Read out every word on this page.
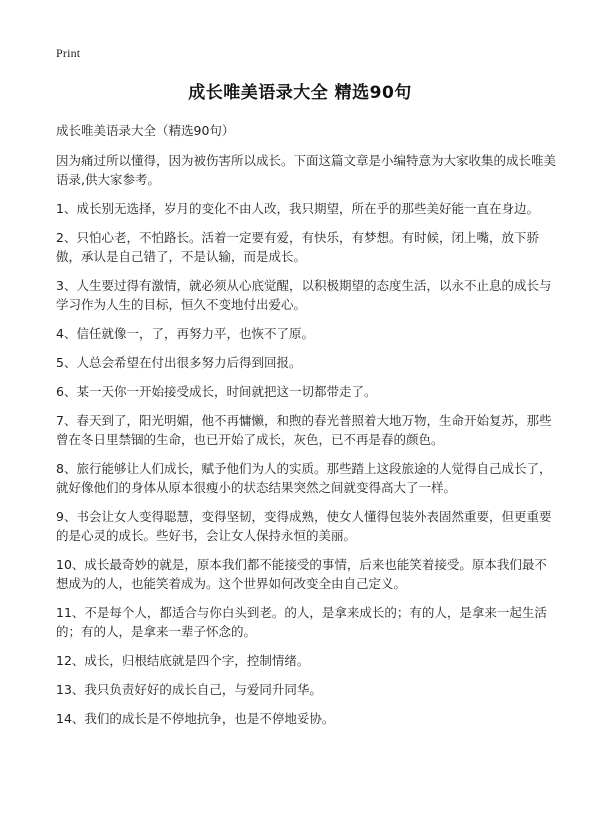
Print
成长唯美语录大全 精选90句

成长唯美语录大全（精选90句）

因为痛过所以懂得，因为被伤害所以成长。下面这篇文章是小编特意为大家收集的成长唯美语录,供大家参考。

1、成长别无选择，岁月的变化不由人改，我只期望，所在乎的那些美好能一直在身边。

2、只怕心老，不怕路长。活着一定要有爱，有快乐，有梦想。有时候，闭上嘴，放下骄傲，承认是自己错了，不是认输，而是成长。

3、人生要过得有激情，就必须从心底觉醒，以积极期望的态度生活，以永不止息的成长与学习作为人生的目标，恒久不变地付出爱心。

4、信任就像一，了，再努力平，也恢不了原。

5、人总会希望在付出很多努力后得到回报。

6、某一天你一开始接受成长，时间就把这一切都带走了。

7、春天到了，阳光明媚，他不再慵懒，和煦的春光普照着大地万物，生命开始复苏，那些曾在冬日里禁锢的生命，也已开始了成长，灰色，已不再是春的颜色。

8、旅行能够让人们成长，赋予他们为人的实质。那些踏上这段旅途的人觉得自己成长了，就好像他们的身体从原本很瘦小的状态结果突然之间就变得高大了一样。

9、书会让女人变得聪慧，变得坚韧，变得成熟，使女人懂得包装外表固然重要，但更重要的是心灵的成长。些好书，会让女人保持永恒的美丽。

10、成长最奇妙的就是，原本我们都不能接受的事情，后来也能笑着接受。原本我们最不想成为的人，也能笑着成为。这个世界如何改变全由自己定义。

11、不是每个人，都适合与你白头到老。的人，是拿来成长的；有的人，是拿来一起生活的；有的人，是拿来一辈子怀念的。

12、成长，归根结底就是四个字，控制情绪。

13、我只负责好好的成长自己，与爱同升同华。

14、我们的成长是不停地抗争，也是不停地妥协。
